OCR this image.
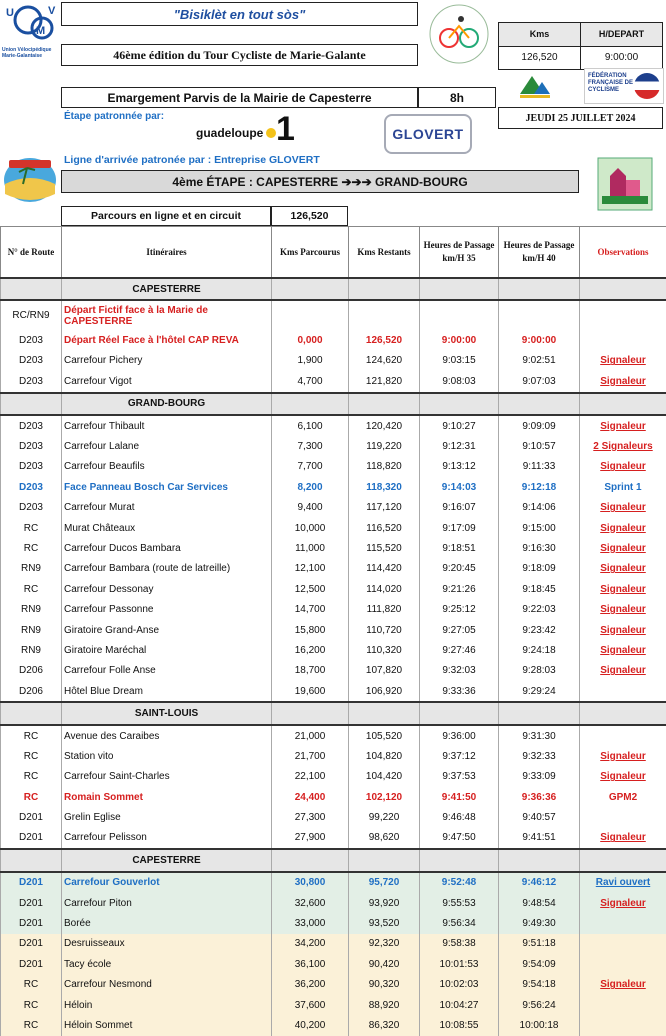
U
M
V
Union Vélocipédique Marie-Galantaise
"Bisiklèt en tout sòs"
46ème édition du Tour Cycliste de Marie-Galante
Kms	H/DEPART
126,520	9:00:00
FÉDÉRATION FRANÇAISE DE CYCLISME
JEUDI 25 JUILLET 2024
Emargement Parvis de la Mairie de Capesterre	8h
Étape patronnée par:
guadeloupe 1	GLOVERT
Ligne d'arrivée patronée par : Entreprise GLOVERT
4ème ÉTAPE : CAPESTERRE ➔➔➔ GRAND-BOURG
Parcours en ligne et en circuit	126,520
N° de Route	Itinéraires	Kms Parcourus	Kms Restants	Heures de Passage km/H 35	Heures de Passage km/H 40	Observations
	CAPESTERRE					
RC/RN9	Départ Fictif face à la Marie de CAPESTERRE					
D203	Départ Réel Face à l'hôtel CAP REVA	0,000	126,520	9:00:00	9:00:00	
D203	Carrefour Pichery	1,900	124,620	9:03:15	9:02:51	Signaleur
D203	Carrefour Vigot	4,700	121,820	9:08:03	9:07:03	Signaleur
	GRAND-BOURG					
D203	Carrefour Thibault	6,100	120,420	9:10:27	9:09:09	Signaleur
D203	Carrefour Lalane	7,300	119,220	9:12:31	9:10:57	2 Signaleurs
D203	Carrefour Beaufils	7,700	118,820	9:13:12	9:11:33	Signaleur
D203	Face Panneau Bosch Car Services	8,200	118,320	9:14:03	9:12:18	Sprint 1
D203	Carrefour Murat	9,400	117,120	9:16:07	9:14:06	Signaleur
RC	Murat Châteaux	10,000	116,520	9:17:09	9:15:00	Signaleur
RC	Carrefour Ducos Bambara	11,000	115,520	9:18:51	9:16:30	Signaleur
RN9	Carrefour Bambara (route de latreille)	12,100	114,420	9:20:45	9:18:09	Signaleur
RC	Carrefour Dessonay	12,500	114,020	9:21:26	9:18:45	Signaleur
RN9	Carrefour Passonne	14,700	111,820	9:25:12	9:22:03	Signaleur
RN9	Giratoire Grand-Anse	15,800	110,720	9:27:05	9:23:42	Signaleur
RN9	Giratoire Maréchal	16,200	110,320	9:27:46	9:24:18	Signaleur
D206	Carrefour Folle Anse	18,700	107,820	9:32:03	9:28:03	Signaleur
D206	Hôtel Blue Dream	19,600	106,920	9:33:36	9:29:24	
	SAINT-LOUIS					
RC	Avenue des Caraibes	21,000	105,520	9:36:00	9:31:30	
RC	Station vito	21,700	104,820	9:37:12	9:32:33	Signaleur
RC	Carrefour Saint-Charles	22,100	104,420	9:37:53	9:33:09	Signaleur
RC	Romain Sommet	24,400	102,120	9:41:50	9:36:36	GPM2
D201	Grelin Eglise	27,300	99,220	9:46:48	9:40:57	
D201	Carrefour Pelisson	27,900	98,620	9:47:50	9:41:51	Signaleur
	CAPESTERRE					
D201	Carrefour Gouverlot	30,800	95,720	9:52:48	9:46:12	Ravi ouvert
D201	Carrefour Piton	32,600	93,920	9:55:53	9:48:54	Signaleur
D201	Borée	33,000	93,520	9:56:34	9:49:30	
D201	Desruisseaux	34,200	92,320	9:58:38	9:51:18	
D201	Tacy école	36,100	90,420	10:01:53	9:54:09	
RC	Carrefour Nesmond	36,200	90,320	10:02:03	9:54:18	Signaleur
RC	Héloin	37,600	88,920	10:04:27	9:56:24	
RC	Héloin Sommet	40,200	86,320	10:08:55	10:00:18	
